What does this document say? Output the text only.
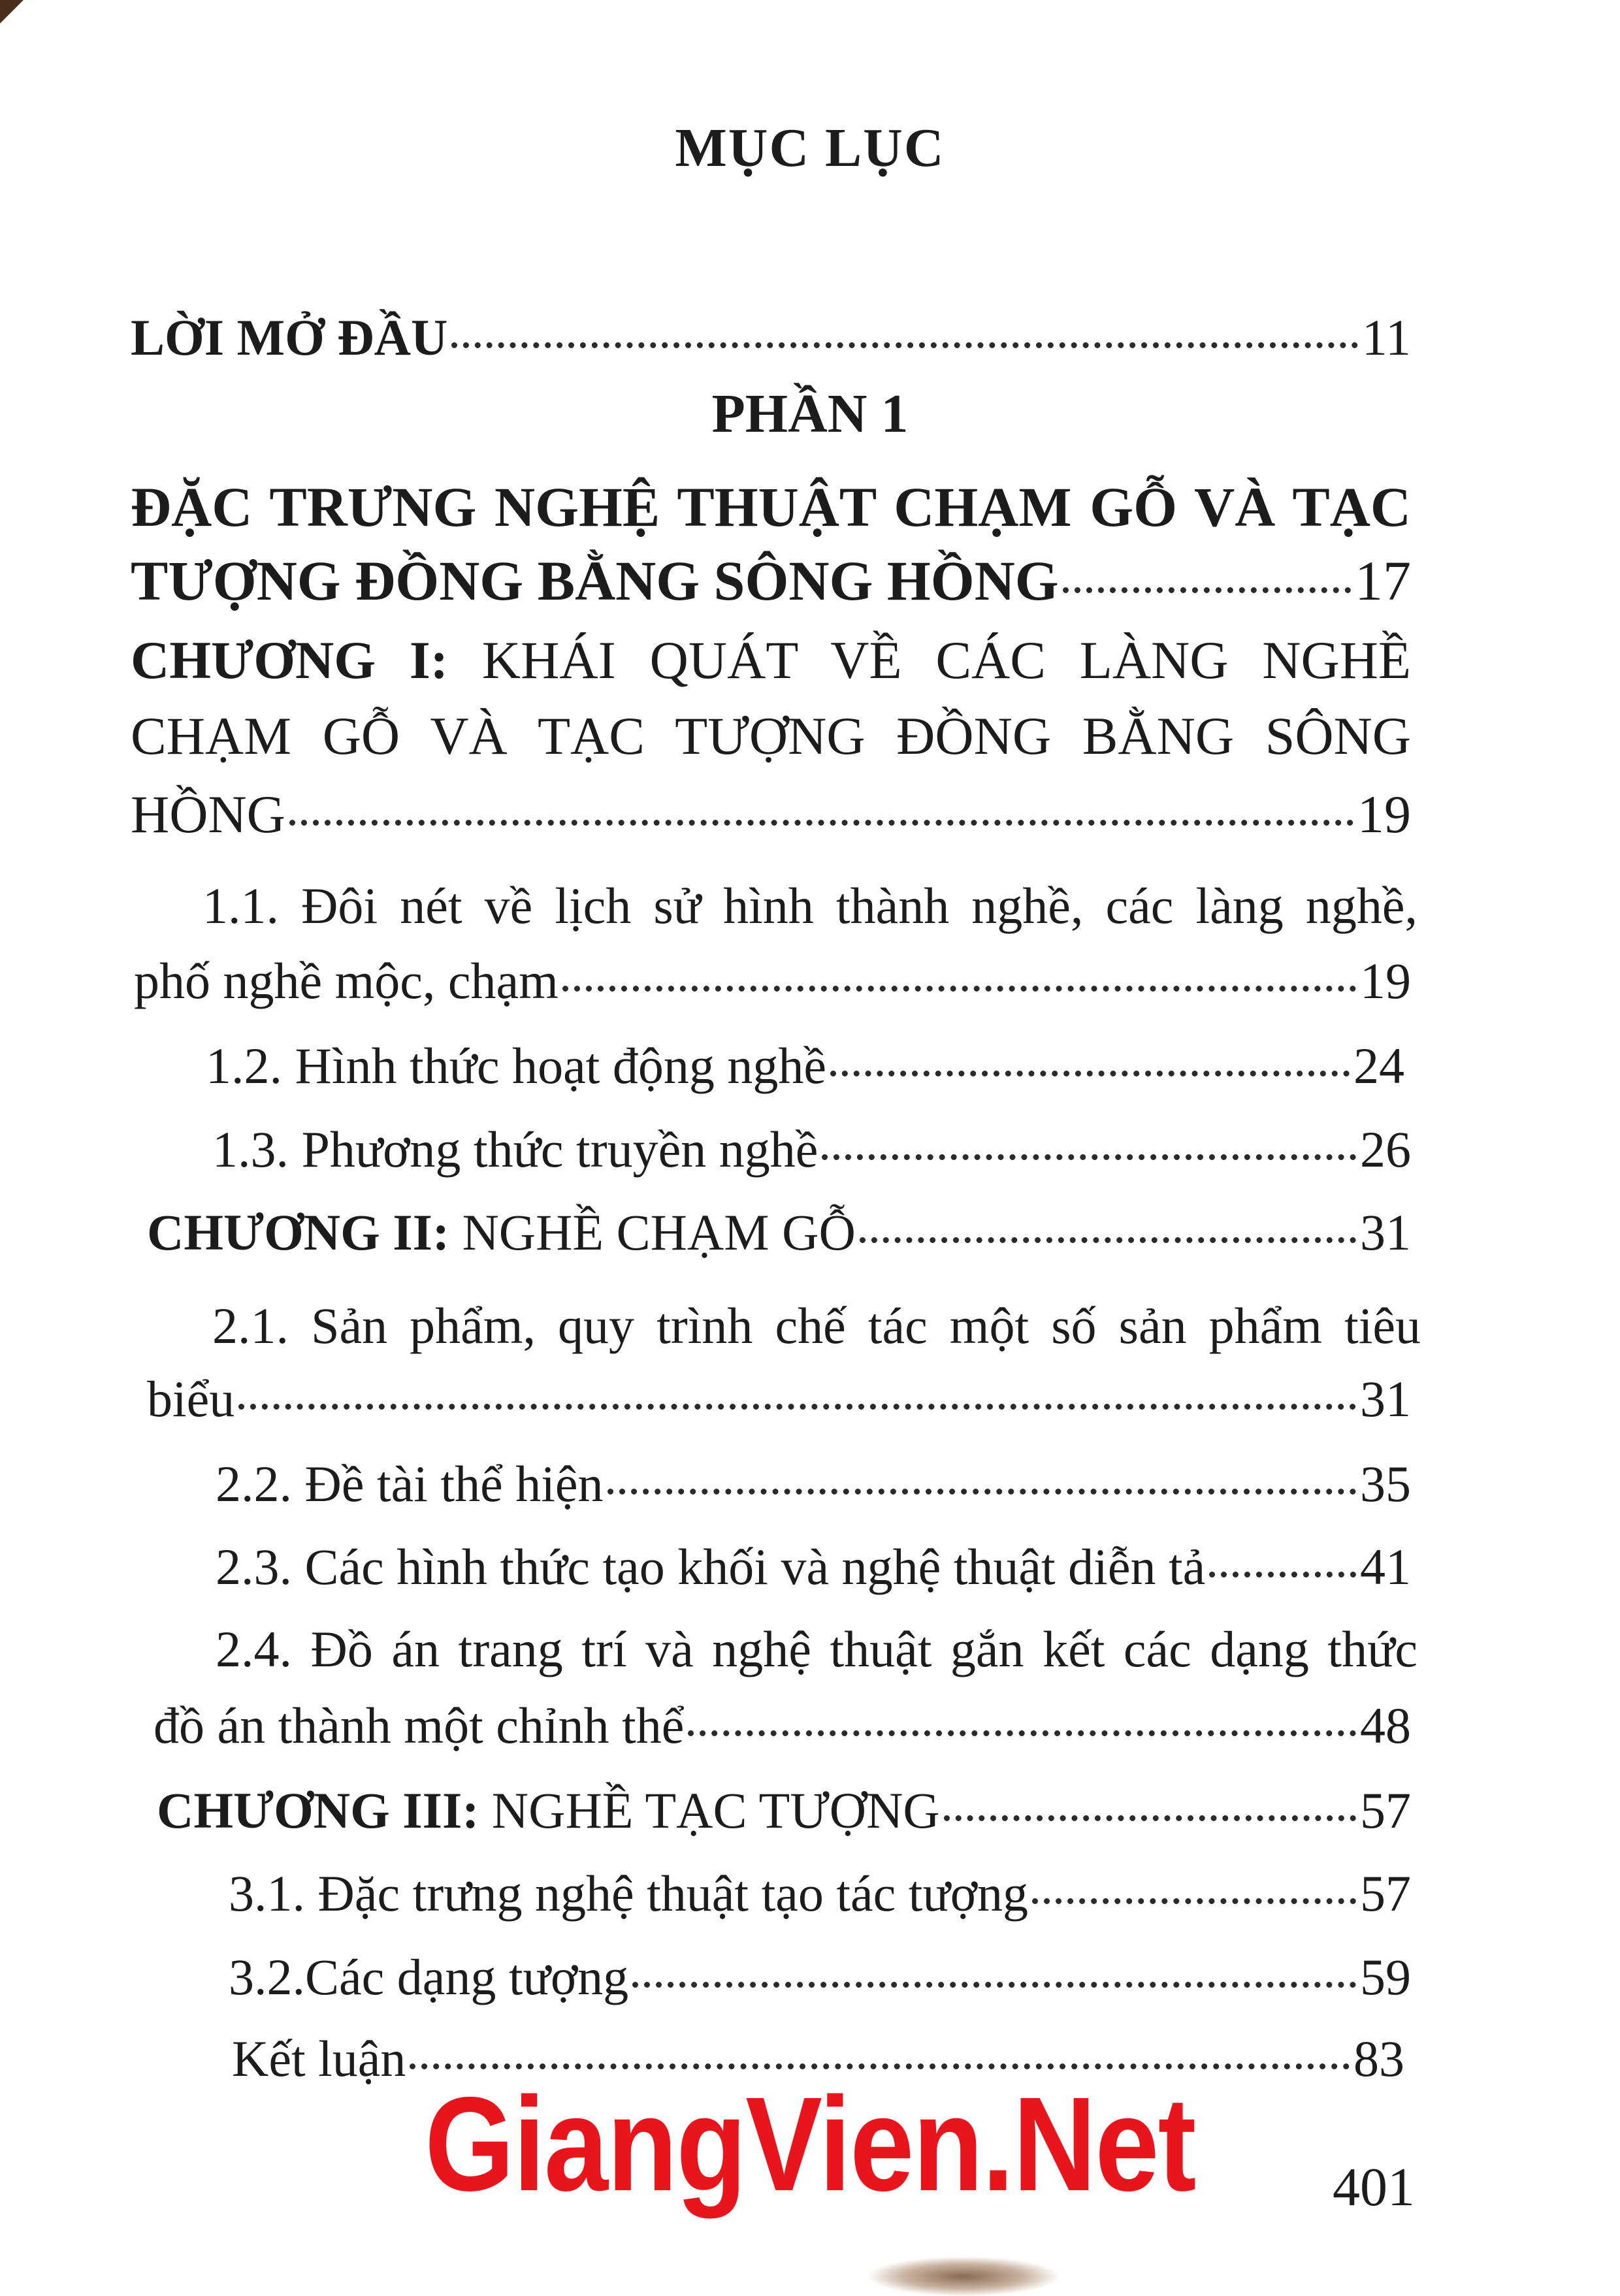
MỤC LỤC
LỜI MỞ ĐẦU	11
PHẦN 1
ĐẶC TRƯNG NGHỆ THUẬT CHẠM GỖ VÀ TẠC
TƯỢNG ĐỒNG BẰNG SÔNG HỒNG	17
CHƯƠNG I: KHÁI QUÁT VỀ CÁC LÀNG NGHỀ
CHẠM GỖ VÀ TẠC TƯỢNG ĐỒNG BẰNG SÔNG
HỒNG	19
1.1. Đôi nét về lịch sử hình thành nghề, các làng nghề,
phố nghề mộc, chạm	19
1.2. Hình thức hoạt động nghề	24
1.3. Phương thức truyền nghề	26
CHƯƠNG II: NGHỀ CHẠM GỖ	31
2.1. Sản phẩm, quy trình chế tác một số sản phẩm tiêu
biểu	31
2.2. Đề tài thể hiện	35
2.3. Các hình thức tạo khối và nghệ thuật diễn tả	41
2.4. Đồ án trang trí và nghệ thuật gắn kết các dạng thức
đồ án thành một chỉnh thể	48
CHƯƠNG III: NGHỀ TẠC TƯỢNG	57
3.1. Đặc trưng nghệ thuật tạo tác tượng	57
3.2.Các dạng tượng	59
Kết luận	83
GiangVien.Net	401
